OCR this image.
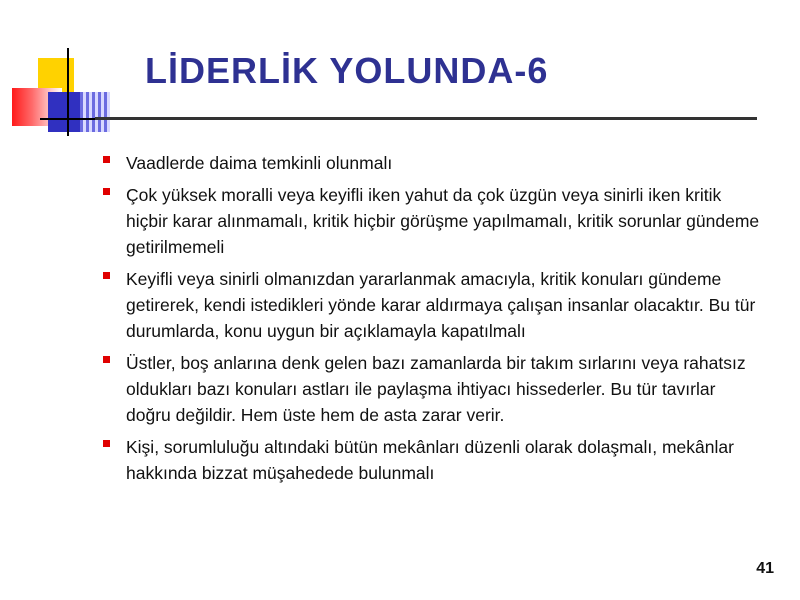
LİDERLİK YOLUNDA-6
Vaadlerde daima temkinli olunmalı
Çok yüksek moralli veya keyifli iken yahut da çok üzgün veya sinirli iken kritik hiçbir karar alınmamalı, kritik hiçbir görüşme yapılmamalı, kritik sorunlar gündeme getirilmemeli
Keyifli veya sinirli olmanızdan yararlanmak amacıyla, kritik konuları gündeme getirerek, kendi istedikleri yönde karar aldırmaya çalışan insanlar olacaktır. Bu tür durumlarda, konu uygun bir açıklamayla kapatılmalı
Üstler, boş anlarına denk gelen bazı zamanlarda bir takım sırlarını veya rahatsız oldukları bazı konuları astları ile paylaşma ihtiyacı hissederler. Bu tür tavırlar doğru değildir. Hem üste hem de asta zarar verir.
Kişi, sorumluluğu altındaki bütün mekânları düzenli olarak dolaşmalı, mekânlar hakkında bizzat müşahedede bulunmalı
41
